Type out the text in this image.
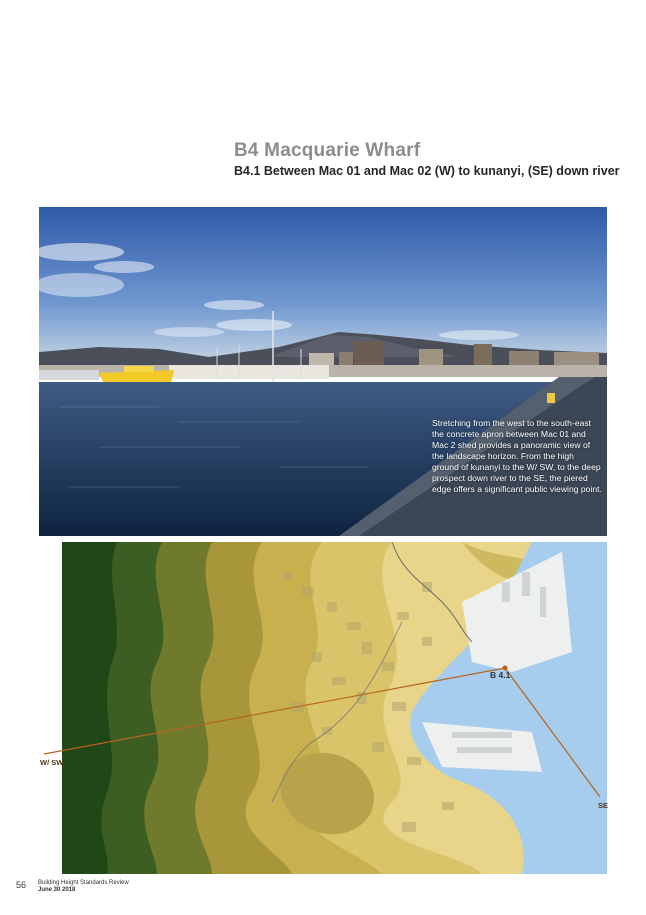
B4 Macquarie Wharf
B4.1 Between Mac 01 and Mac 02 (W) to kunanyi, (SE) down river
Stretching from the west to the south-east the concrete apron between Mac 01 and Mac 2 shed provides a panoramic view of the landscape horizon. From the high ground of kunanyi to the W/ SW, to the deep prospect down river to the SE, the piered edge offers a significant public viewing point.
B 4.1
W/ SW
SE
56 Building Height Standards Review
June 30 2018
